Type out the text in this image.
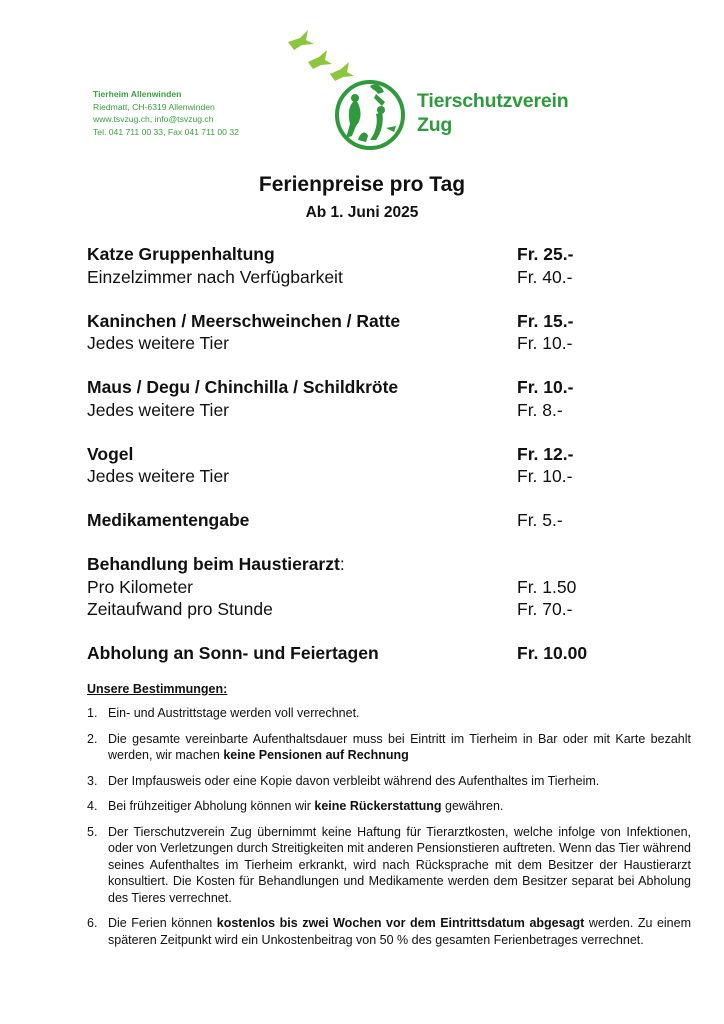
Tierheim Allenwinden
Riedmatt, CH-6319 Allenwinden
www.tsvzug.ch, info@tsvzug.ch
Tel. 041 711 00 33, Fax 041 711 00 32
Tierschutzverein
Zug
Ferienpreise pro Tag
Ab 1. Juni 2025
Katze Gruppenhaltung	Fr. 25.-
Einzelzimmer nach Verfügbarkeit	Fr. 40.-
Kaninchen / Meerschweinchen / Ratte	Fr. 15.-
Jedes weitere Tier	Fr. 10.-
Maus / Degu / Chinchilla / Schildkröte	Fr. 10.-
Jedes weitere Tier	Fr. 8.-
Vogel	Fr. 12.-
Jedes weitere Tier	Fr. 10.-
Medikamentengabe	Fr. 5.-
Behandlung beim Haustierarzt:
Pro Kilometer	Fr. 1.50
Zeitaufwand pro Stunde	Fr. 70.-
Abholung an Sonn- und Feiertagen	Fr. 10.00
Unsere Bestimmungen:
1. Ein- und Austrittstage werden voll verrechnet.
2. Die gesamte vereinbarte Aufenthaltsdauer muss bei Eintritt im Tierheim in Bar oder mit Karte bezahlt werden, wir machen keine Pensionen auf Rechnung
3. Der Impfausweis oder eine Kopie davon verbleibt während des Aufenthaltes im Tierheim.
4. Bei frühzeitiger Abholung können wir keine Rückerstattung gewähren.
5. Der Tierschutzverein Zug übernimmt keine Haftung für Tierarztkosten, welche infolge von Infektionen, oder von Verletzungen durch Streitigkeiten mit anderen Pensionstieren auftreten. Wenn das Tier während seines Aufenthaltes im Tierheim erkrankt, wird nach Rücksprache mit dem Besitzer der Haustierarzt konsultiert. Die Kosten für Behandlungen und Medikamente werden dem Besitzer separat bei Abholung des Tieres verrechnet.
6. Die Ferien können kostenlos bis zwei Wochen vor dem Eintrittsdatum abgesagt werden. Zu einem späteren Zeitpunkt wird ein Unkostenbeitrag von 50 % des gesamten Ferienbetrages verrechnet.
